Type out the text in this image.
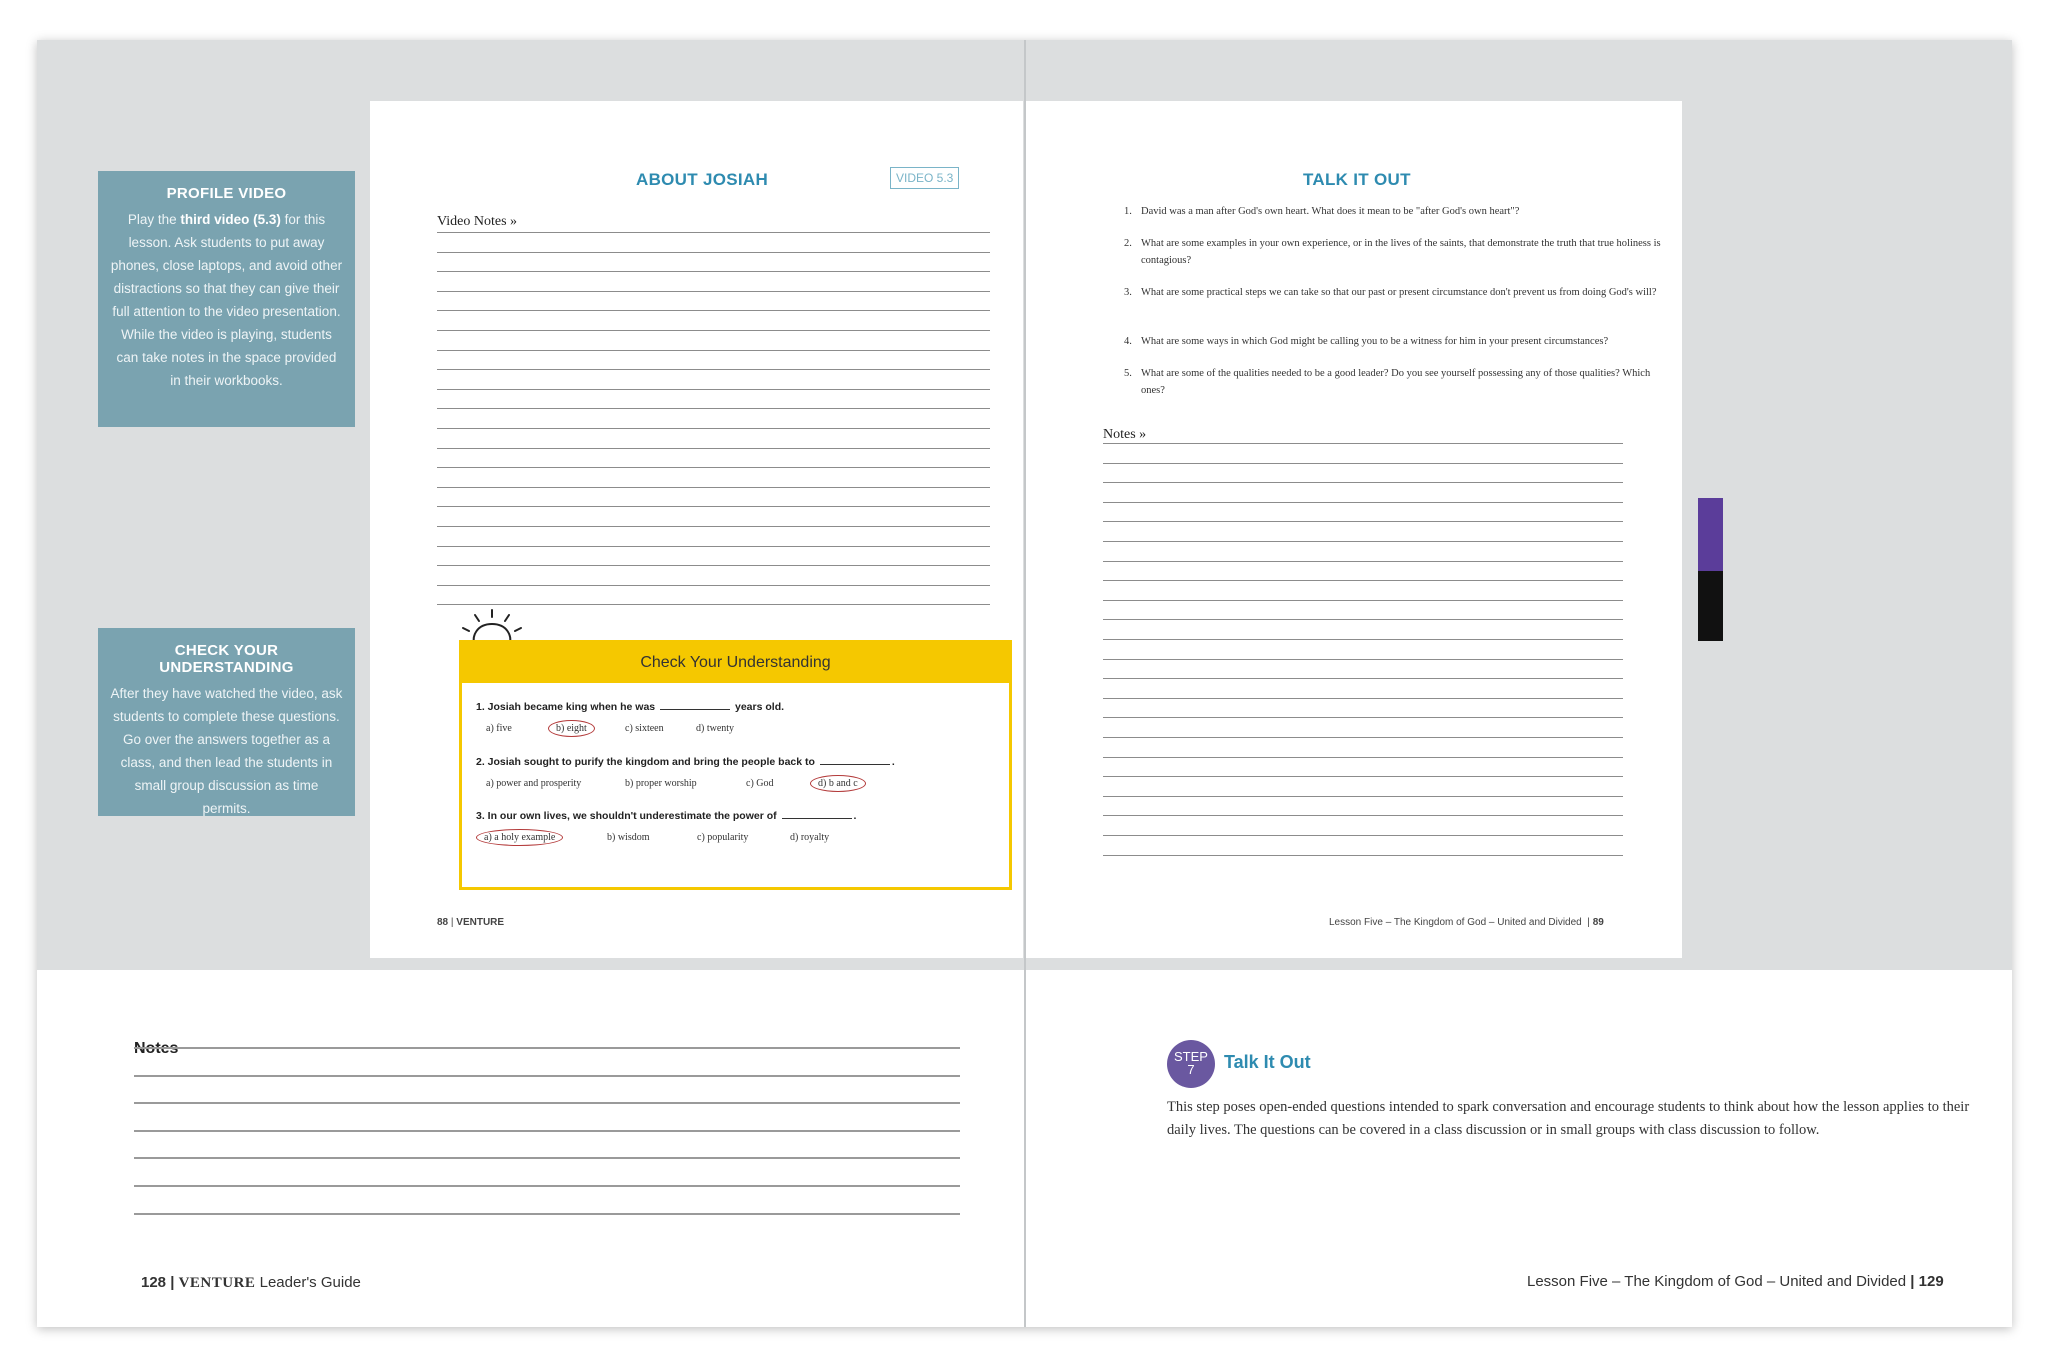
PROFILE VIDEO

Play the third video (5.3) for this lesson. Ask students to put away phones, close laptops, and avoid other distractions so that they can give their full attention to the video presentation. While the video is playing, students can take notes in the space provided in their workbooks.

CHECK YOUR UNDERSTANDING

After they have watched the video, ask students to complete these questions. Go over the answers together as a class, and then lead the students in small group discussion as time permits.

ABOUT JOSIAH	VIDEO 5.3
Video Notes »
Check Your Understanding
1. Josiah became king when he was	years old.
a) five	b) eight	c) sixteen	d) twenty
2. Josiah sought to purify the kingdom and bring the people back to	.
a) power and prosperity	b) proper worship	c) God	d) b and c
3. In our own lives, we shouldn't underestimate the power of	.
a) a holy example	b) wisdom	c) popularity	d) royalty
88 | VENTURE
TALK IT OUT
1. David was a man after God's own heart. What does it mean to be "after God's own heart"?
2. What are some examples in your own experience, or in the lives of the saints, that demonstrate the truth that true holiness is contagious?
3. What are some practical steps we can take so that our past or present circumstance don't prevent us from doing God's will?
4. What are some ways in which God might be calling you to be a witness for him in your present circumstances?
5. What are some of the qualities needed to be a good leader? Do you see yourself possessing any of those qualities? Which ones?
Notes »
Lesson Five – The Kingdom of God – United and Divided  | 89
128 | VENTURE Leader's Guide
STEP
7	Talk It Out
This step poses open-ended questions intended to spark conversation and encourage students to think about how the lesson applies to their daily lives. The questions can be covered in a class discussion or in small groups with class discussion to follow.
Lesson Five – The Kingdom of God – United and Divided | 129
